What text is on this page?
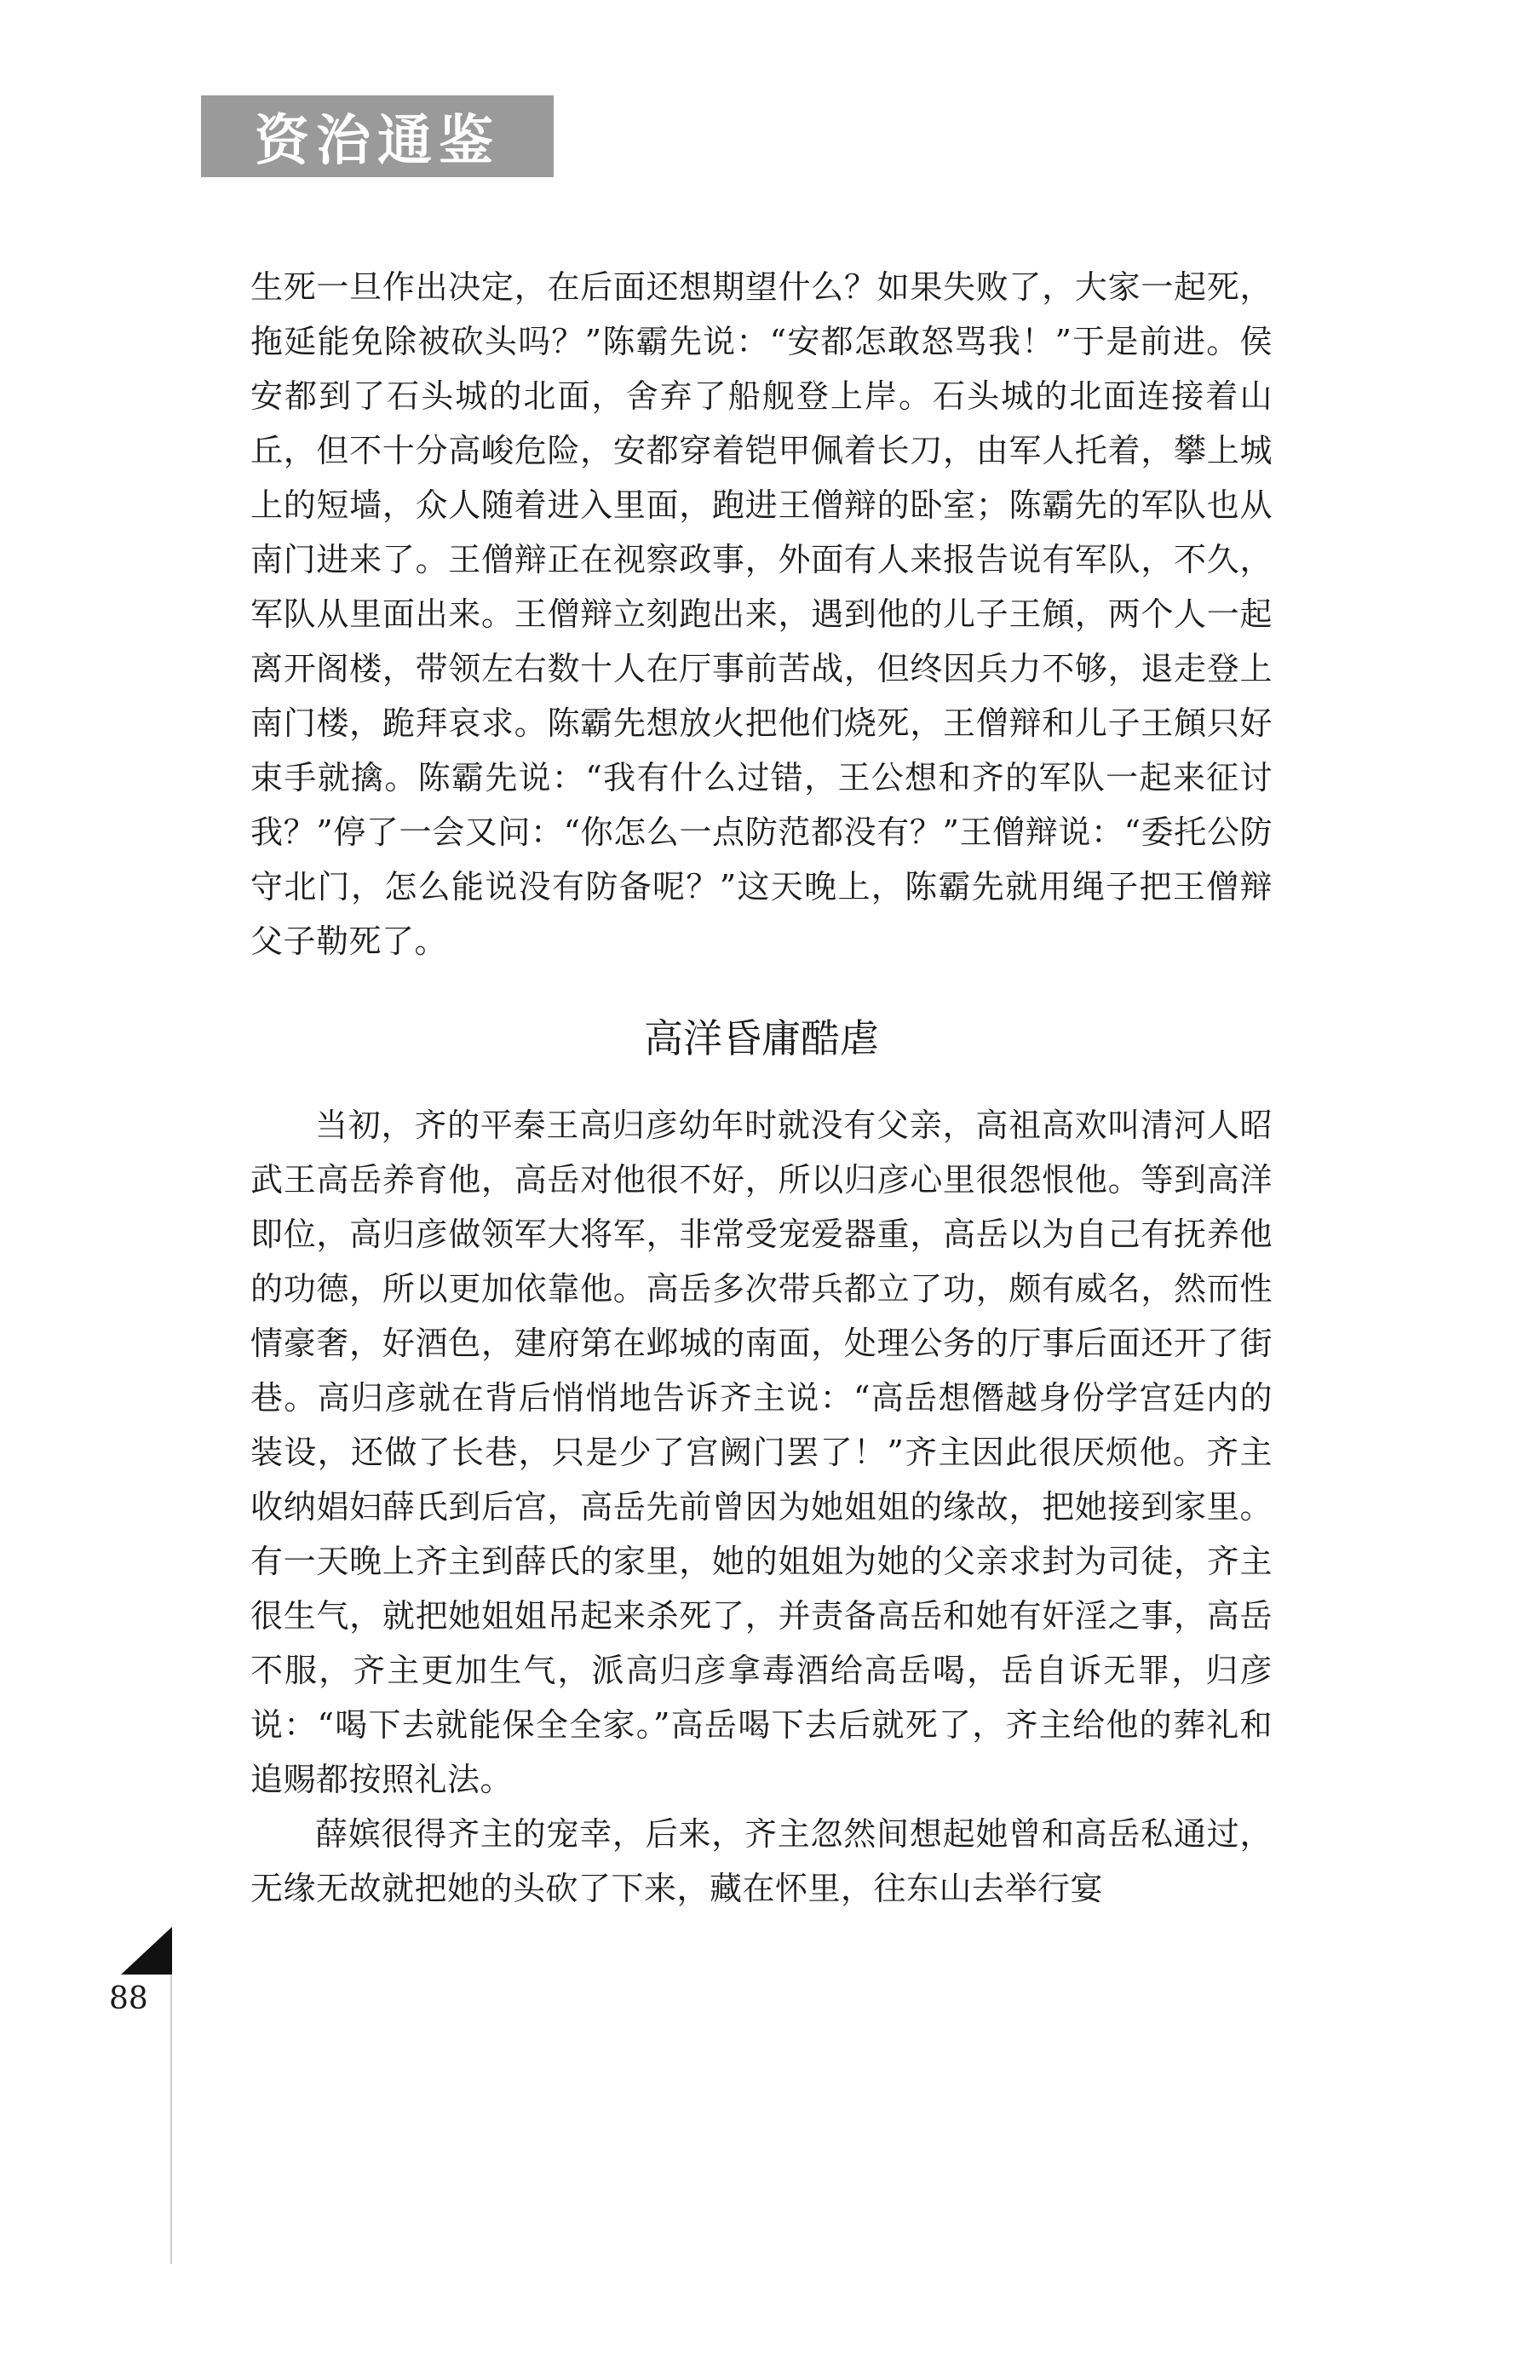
资治通鉴

生死一旦作出决定，在后面还想期望什么？如果失败了，大家一起死，拖延能免除被砍头吗？”陈霸先说：“安都怎敢怒骂我！”于是前进。侯安都到了石头城的北面，舍弃了船舰登上岸。石头城的北面连接着山丘，但不十分高峻危险，安都穿着铠甲佩着长刀，由军人托着，攀上城上的短墙，众人随着进入里面，跑进王僧辩的卧室；陈霸先的军队也从南门进来了。王僧辩正在视察政事，外面有人来报告说有军队，不久，军队从里面出来。王僧辩立刻跑出来，遇到他的儿子王頠，两个人一起离开阁楼，带领左右数十人在厅事前苦战，但终因兵力不够，退走登上南门楼，跪拜哀求。陈霸先想放火把他们烧死，王僧辩和儿子王頠只好束手就擒。陈霸先说：“我有什么过错，王公想和齐的军队一起来征讨我？”停了一会又问：“你怎么一点防范都没有？”王僧辩说：“委托公防守北门，怎么能说没有防备呢？”这天晚上，陈霸先就用绳子把王僧辩父子勒死了。

高洋昏庸酷虐

当初，齐的平秦王高归彦幼年时就没有父亲，高祖高欢叫清河人昭武王高岳养育他，高岳对他很不好，所以归彦心里很怨恨他。等到高洋即位，高归彦做领军大将军，非常受宠爱器重，高岳以为自己有抚养他的功德，所以更加依靠他。高岳多次带兵都立了功，颇有威名，然而性情豪奢，好酒色，建府第在邺城的南面，处理公务的厅事后面还开了街巷。高归彦就在背后悄悄地告诉齐主说：“高岳想僭越身份学宫廷内的装设，还做了长巷，只是少了宫阙门罢了！”齐主因此很厌烦他。齐主收纳娼妇薛氏到后宫，高岳先前曾因为她姐姐的缘故，把她接到家里。有一天晚上齐主到薛氏的家里，她的姐姐为她的父亲求封为司徒，齐主很生气，就把她姐姐吊起来杀死了，并责备高岳和她有奸淫之事，高岳不服，齐主更加生气，派高归彦拿毒酒给高岳喝，岳自诉无罪，归彦说：“喝下去就能保全全家。”高岳喝下去后就死了，齐主给他的葬礼和追赐都按照礼法。

薛嫔很得齐主的宠幸，后来，齐主忽然间想起她曾和高岳私通过，无缘无故就把她的头砍了下来，藏在怀里，往东山去举行宴

88
